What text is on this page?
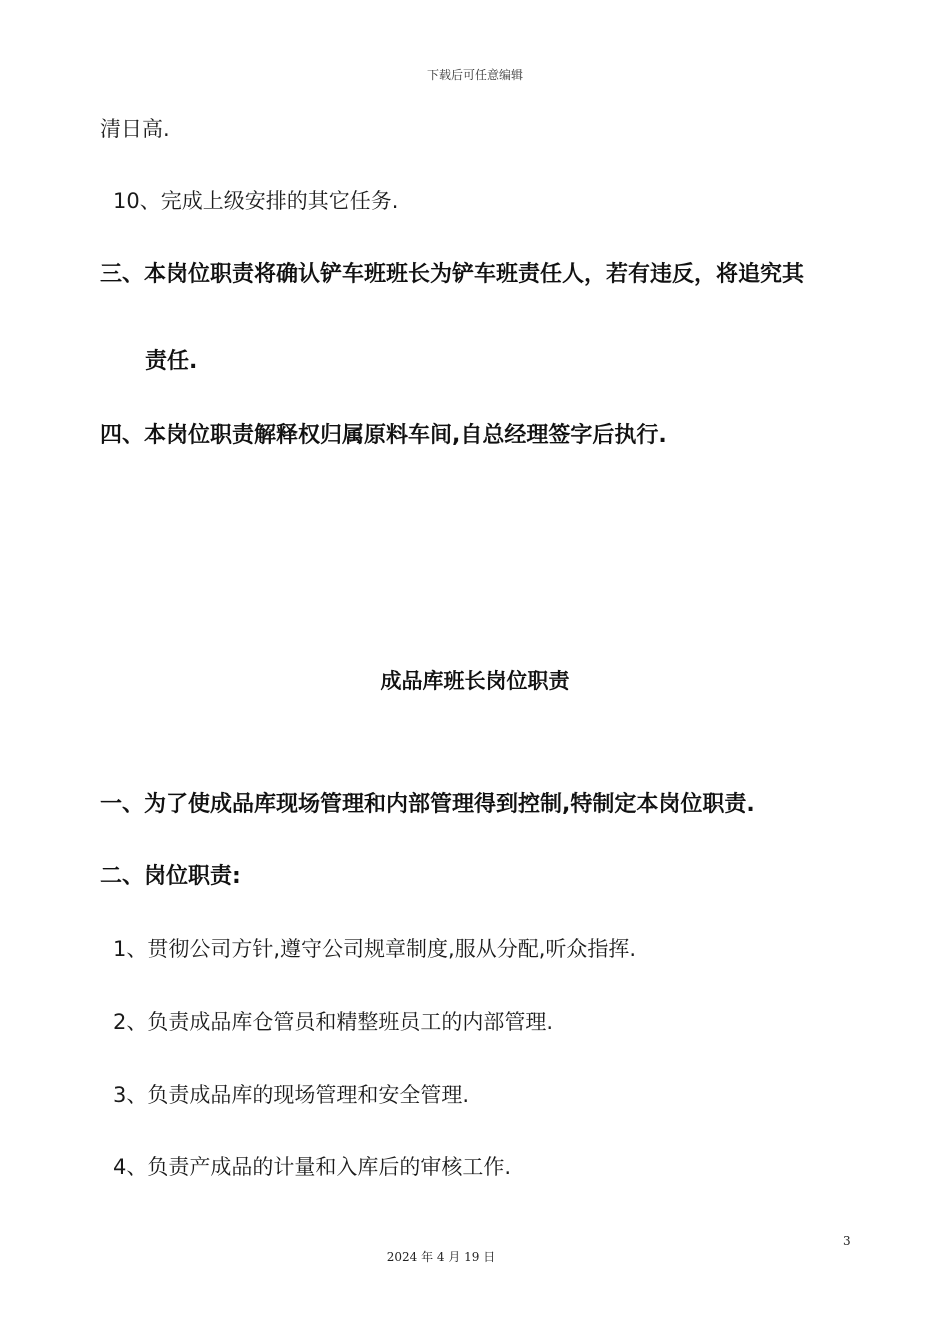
下载后可任意编辑
清日高.
10、完成上级安排的其它任务.
三、本岗位职责将确认铲车班班长为铲车班责任人，若有违反，将追究其
责任.
四、本岗位职责解释权归属原料车间,自总经理签字后执行.
成品库班长岗位职责
一、为了使成品库现场管理和内部管理得到控制,特制定本岗位职责.
二、岗位职责:
1、贯彻公司方针,遵守公司规章制度,服从分配,听众指挥.
2、负责成品库仓管员和精整班员工的内部管理.
3、负责成品库的现场管理和安全管理.
4、负责产成品的计量和入库后的审核工作.
3
2024 年 4 月 19 日
